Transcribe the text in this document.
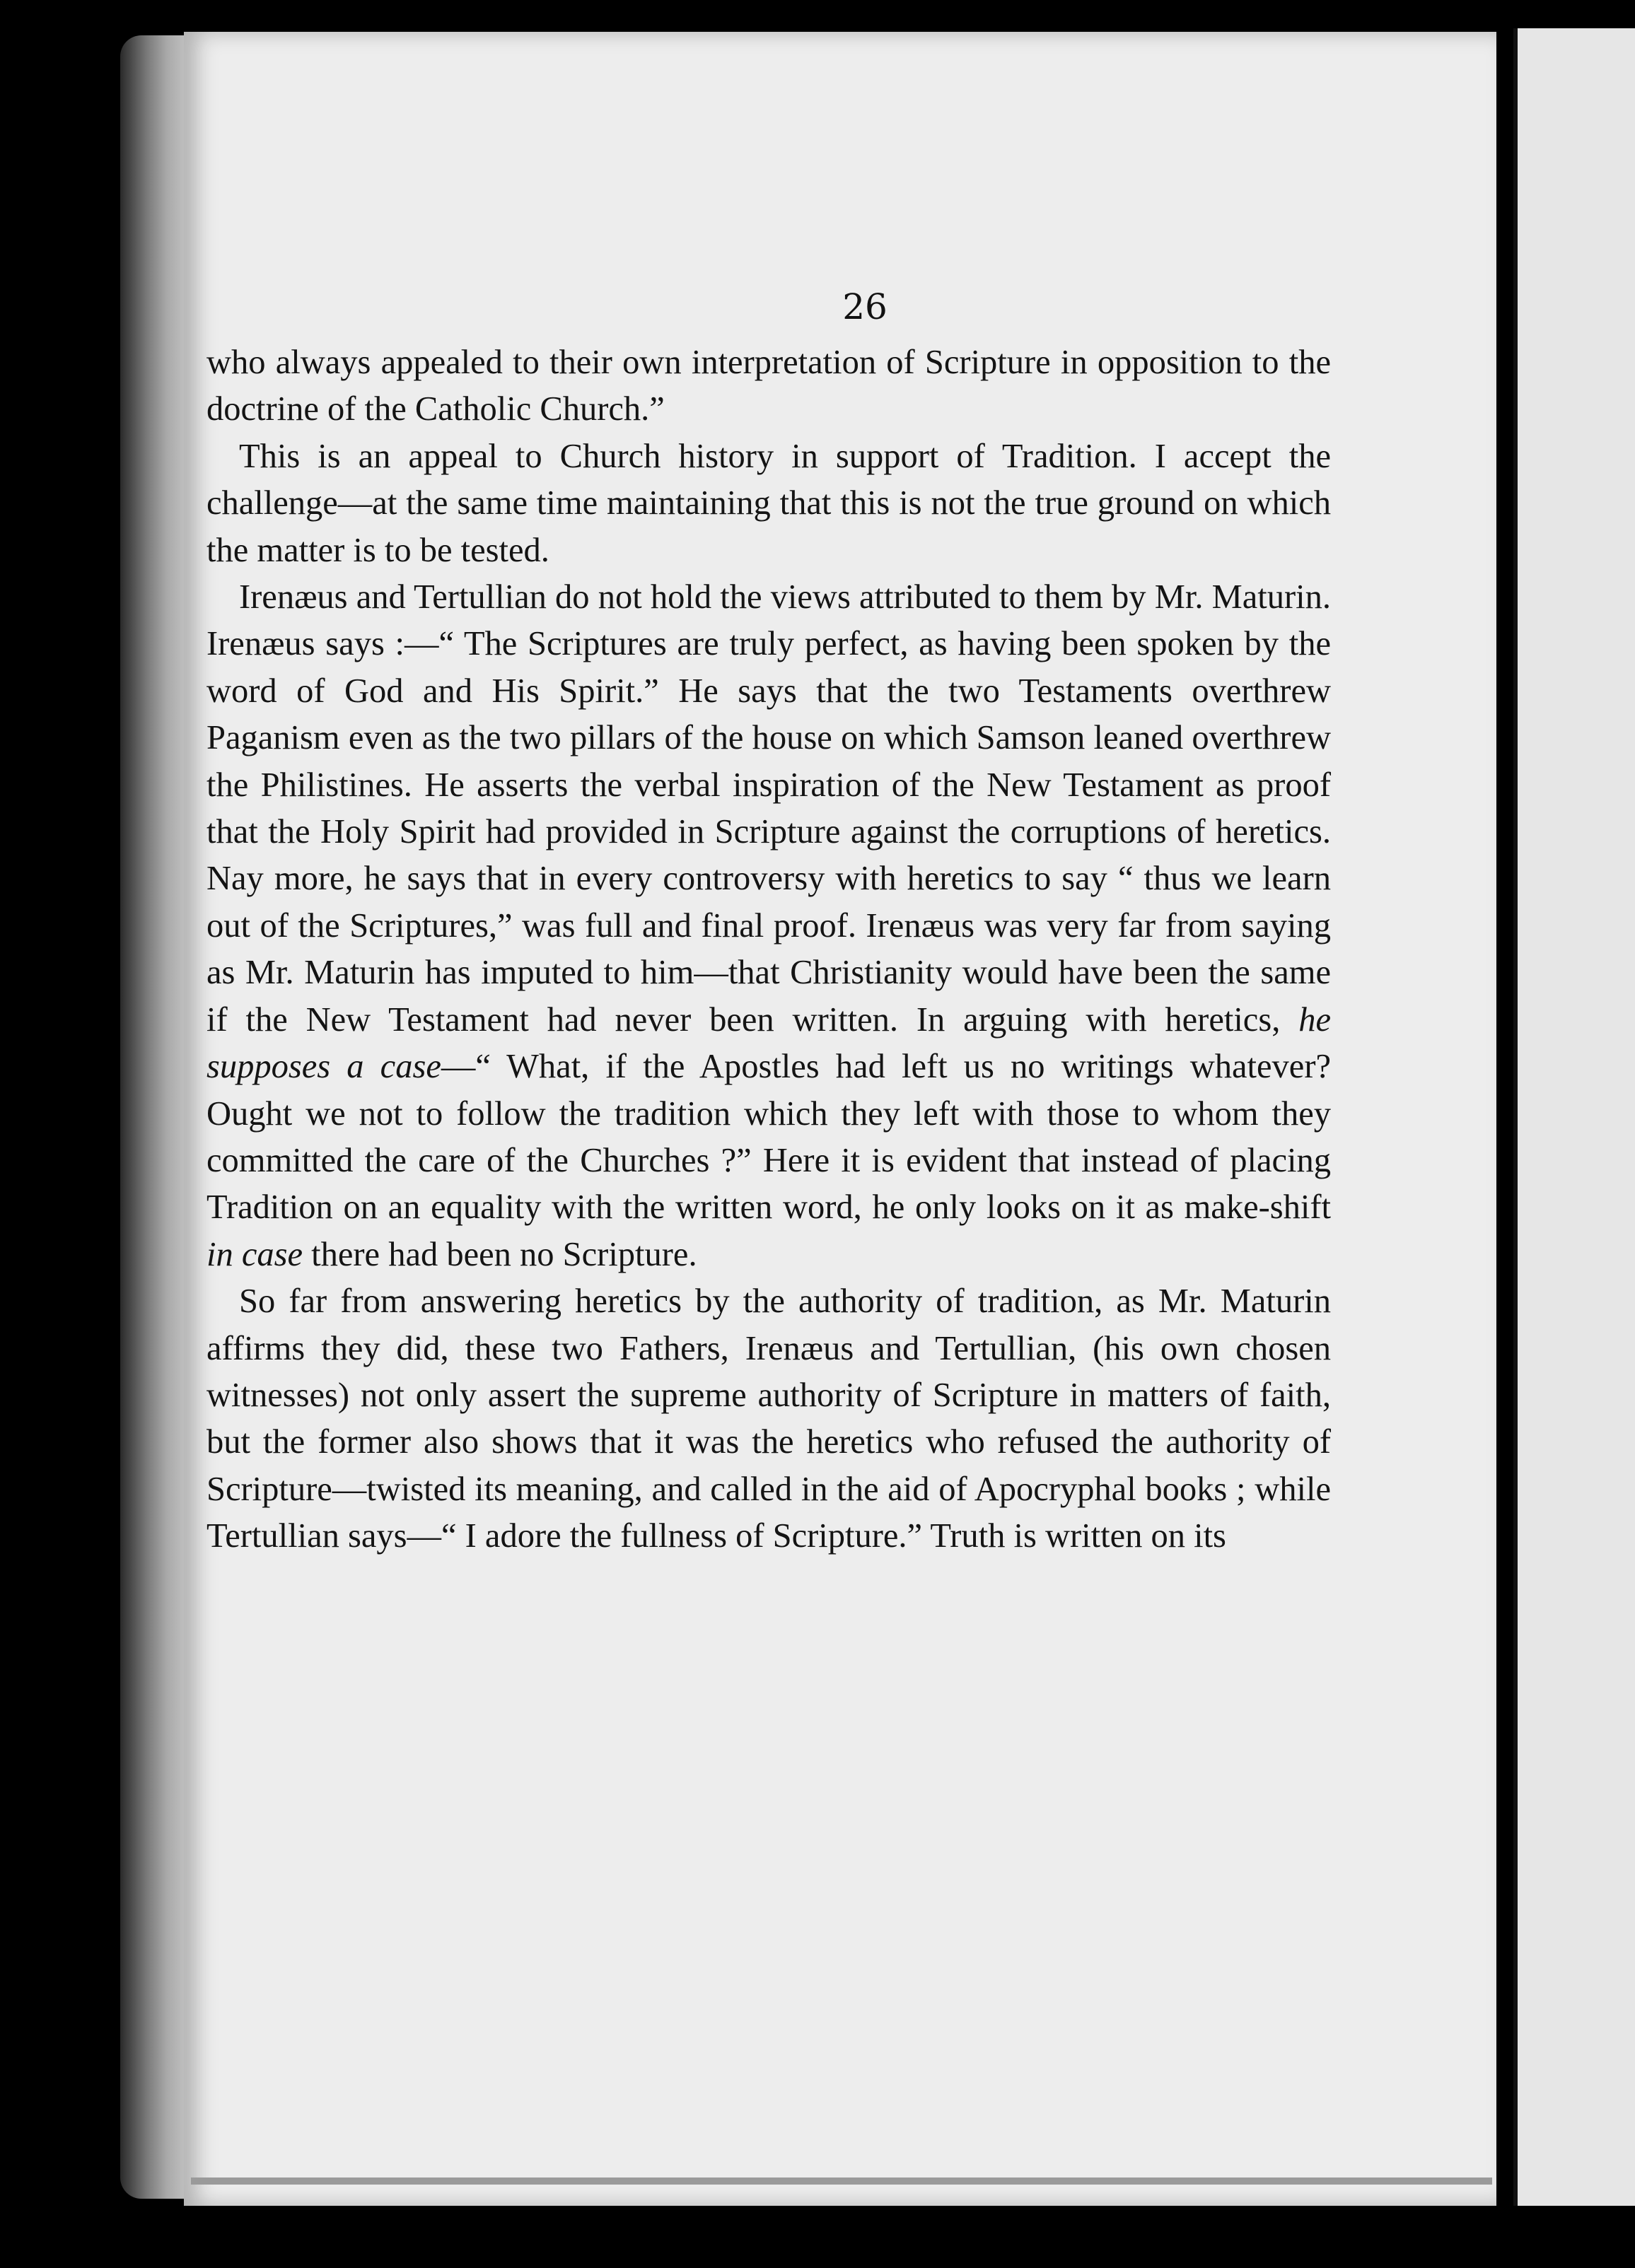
26

who always appealed to their own interpretation of Scripture in opposition to the doctrine of the Catholic Church.”

This is an appeal to Church history in support of Tradition. I accept the challenge—at the same time maintaining that this is not the true ground on which the matter is to be tested.

Irenæus and Tertullian do not hold the views attributed to them by Mr. Maturin. Irenæus says :—“ The Scriptures are truly perfect, as having been spoken by the word of God and His Spirit.” He says that the two Testaments overthrew Paganism even as the two pillars of the house on which Samson leaned overthrew the Philistines. He asserts the verbal inspiration of the New Testament as proof that the Holy Spirit had provided in Scripture against the corruptions of heretics. Nay more, he says that in every controversy with heretics to say “ thus we learn out of the Scriptures,” was full and final proof. Irenæus was very far from saying as Mr. Maturin has imputed to him—that Christianity would have been the same if the New Testament had never been written. In arguing with heretics, he supposes a case—“ What, if the Apostles had left us no writings whatever? Ought we not to follow the tradition which they left with those to whom they committed the care of the Churches ?” Here it is evident that instead of placing Tradition on an equality with the written word, he only looks on it as make-shift in case there had been no Scripture.

So far from answering heretics by the authority of tradition, as Mr. Maturin affirms they did, these two Fathers, Irenæus and Tertullian, (his own chosen witnesses) not only assert the supreme authority of Scripture in matters of faith, but the former also shows that it was the heretics who refused the authority of Scripture—twisted its meaning, and called in the aid of Apocryphal books ; while Tertullian says—“ I adore the fullness of Scripture.” Truth is written on its
